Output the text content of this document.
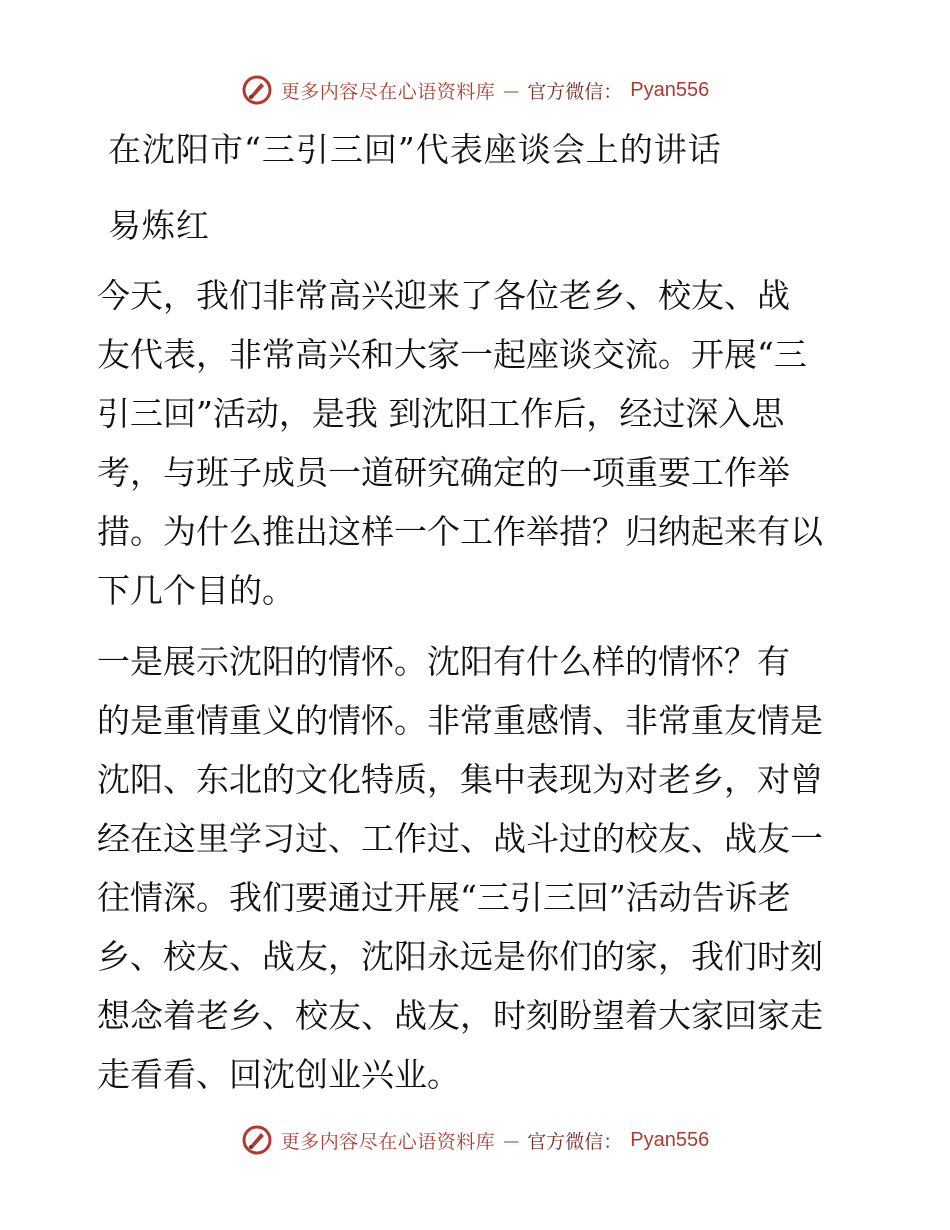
更多内容尽在心语资料库 — 官方微信： Pyan556
在沈阳市“三引三回”代表座谈会上的讲话
易炼红
今天，我们非常高兴迎来了各位老乡、校友、战
友代表，非常高兴和大家一起座谈交流。开展“三
引三回”活动，是我 到沈阳工作后，经过深入思
考，与班子成员一道研究确定的一项重要工作举
措。为什么推出这样一个工作举措？归纳起来有以
下几个目的。
一是展示沈阳的情怀。沈阳有什么样的情怀？有
的是重情重义的情怀。非常重感情、非常重友情是
沈阳、东北的文化特质，集中表现为对老乡，对曾
经在这里学习过、工作过、战斗过的校友、战友一
往情深。我们要通过开展“三引三回”活动告诉老
乡、校友、战友，沈阳永远是你们的家，我们时刻
想念着老乡、校友、战友，时刻盼望着大家回家走
走看看、回沈创业兴业。
更多内容尽在心语资料库 — 官方微信： Pyan556
